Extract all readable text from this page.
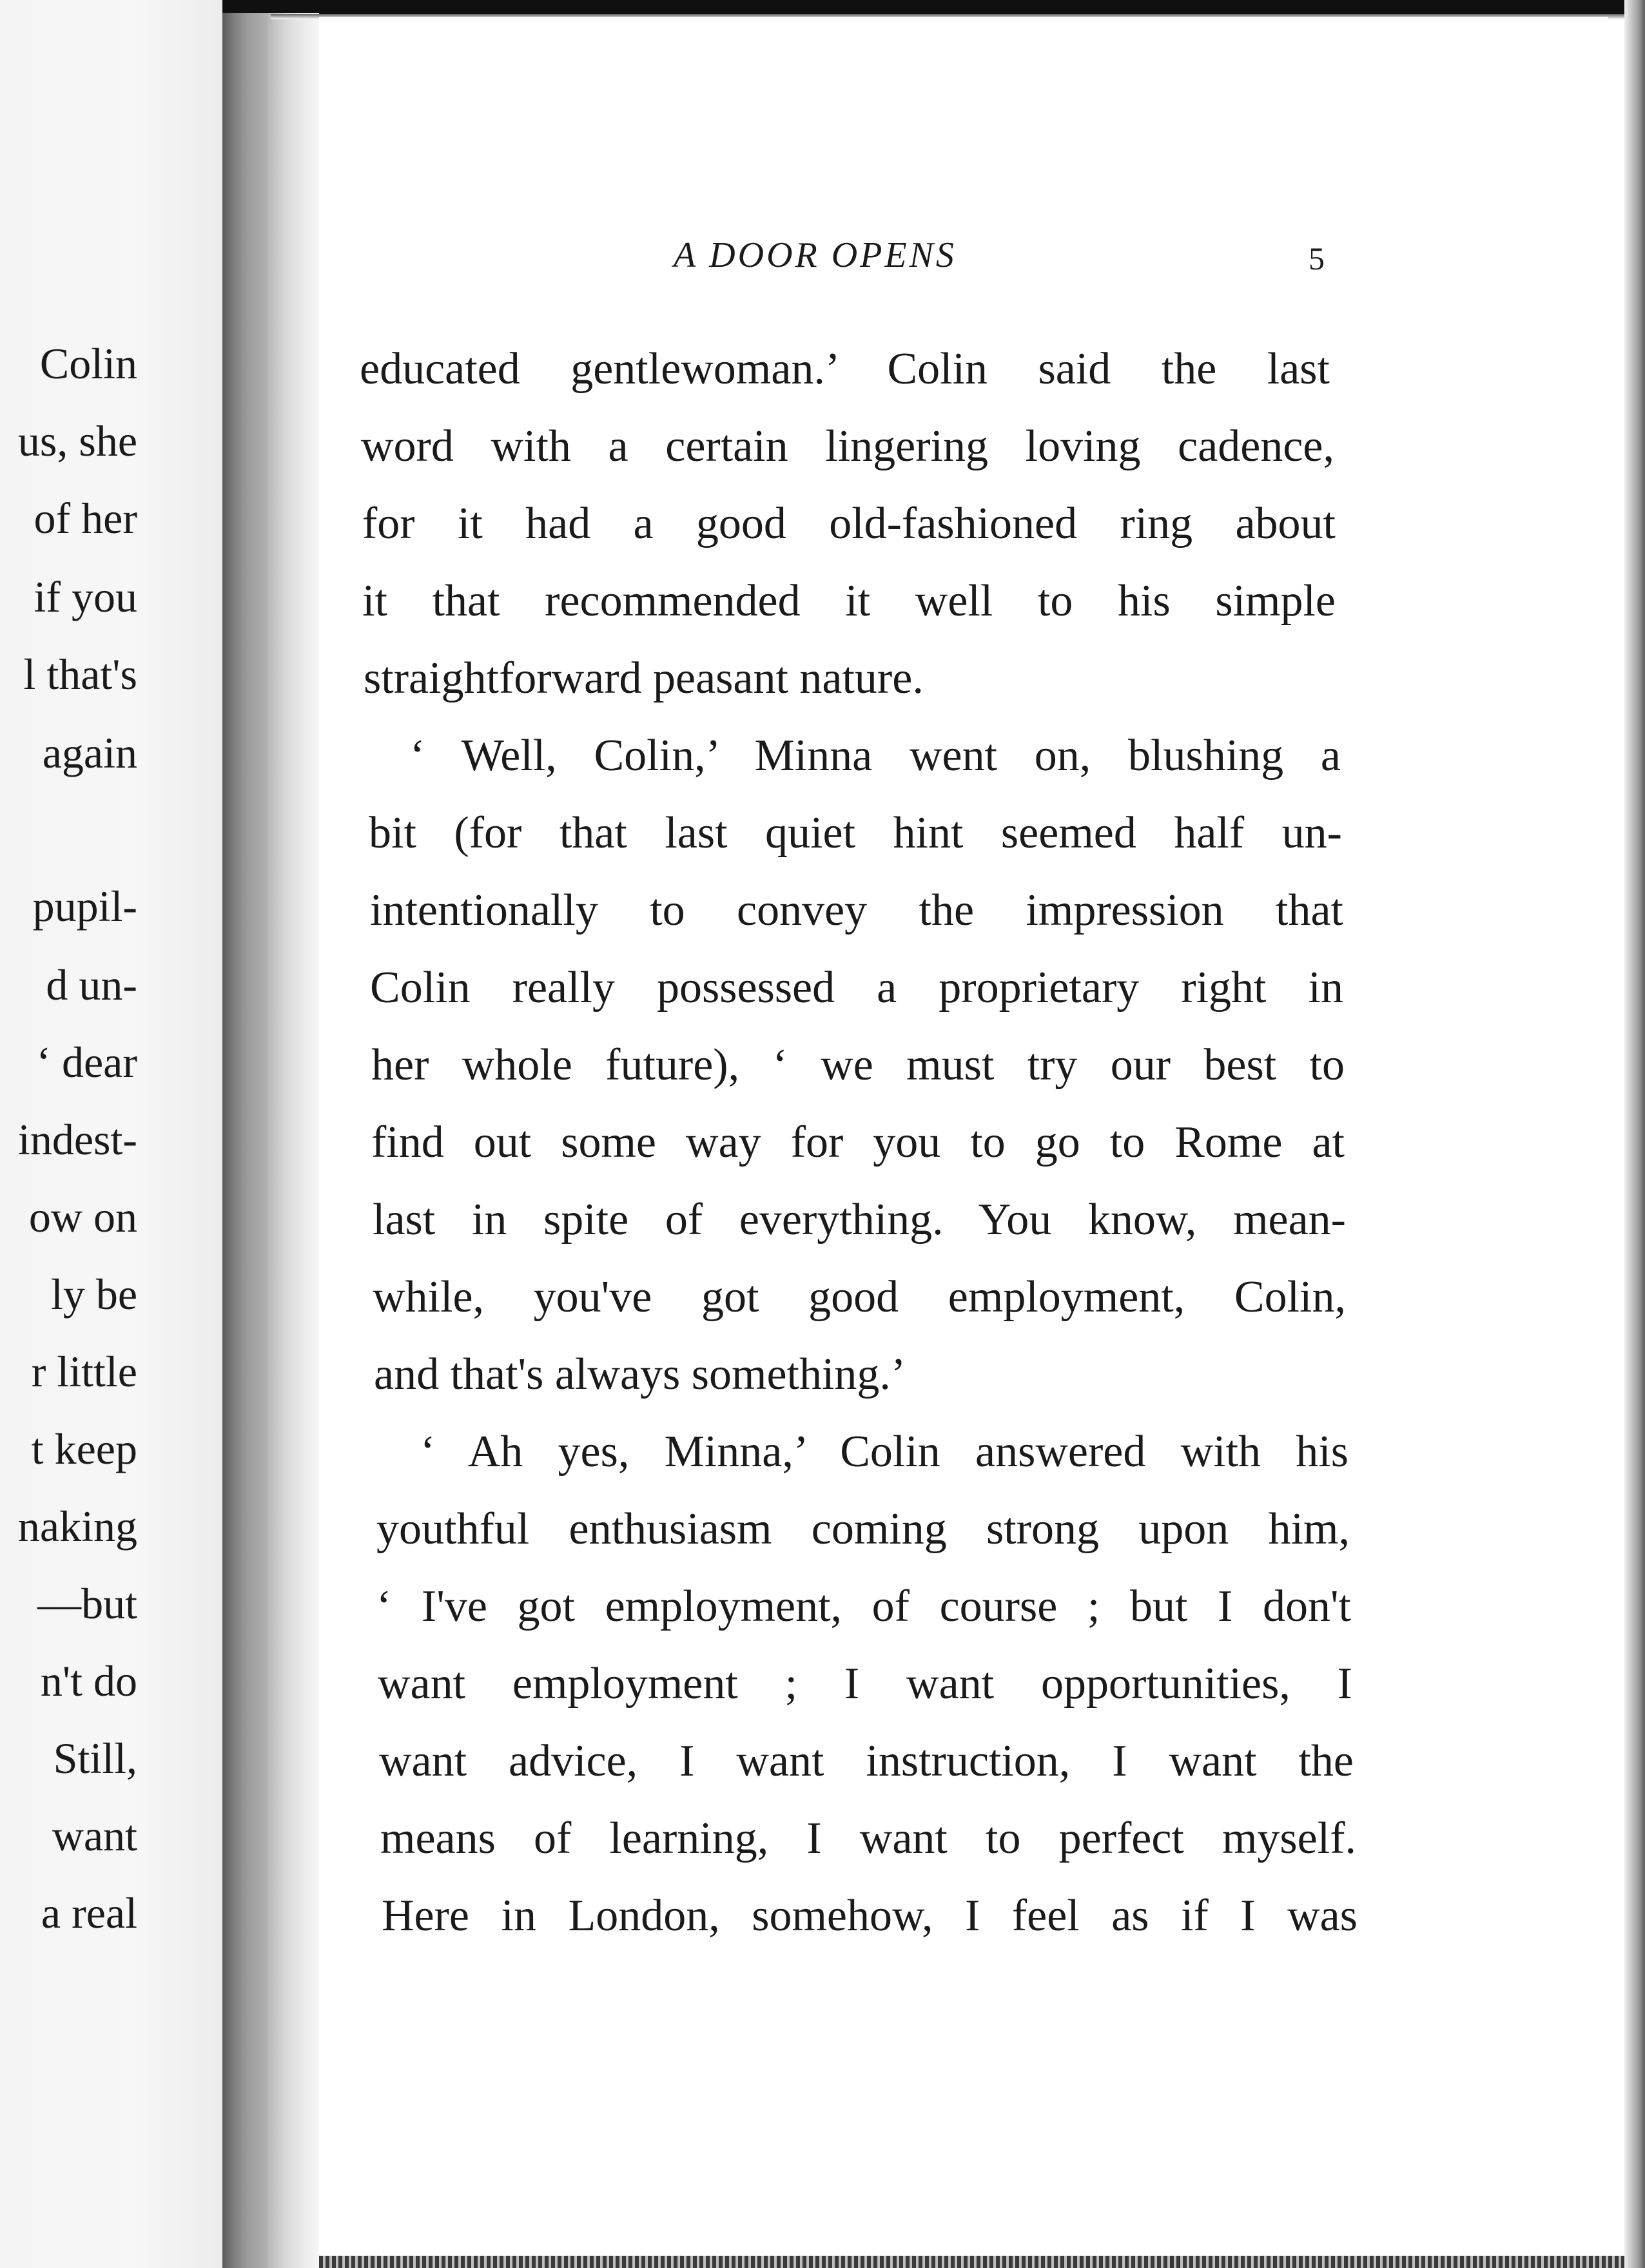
Colin
us, she
of her
if you
l that's
again
pupil-
d un-
‘ dear
indest-
ow on
ly be
r little
t keep
naking
—but
n't do
Still,
want
a real
A DOOR OPENS	5
educated gentlewoman.’ Colin said the last
word with a certain lingering loving cadence,
for it had a good old-fashioned ring about
it that recommended it well to his simple
straightforward peasant nature.
‘ Well, Colin,’ Minna went on, blushing a
bit (for that last quiet hint seemed half un-
intentionally to convey the impression that
Colin really possessed a proprietary right in
her whole future), ‘ we must try our best to
find out some way for you to go to Rome at
last in spite of everything. You know, mean-
while, you've got good employment, Colin,
and that's always something.’
‘ Ah yes, Minna,’ Colin answered with his
youthful enthusiasm coming strong upon him,
‘ I've got employment, of course ; but I don't
want employment ; I want opportunities, I
want advice, I want instruction, I want the
means of learning, I want to perfect myself.
Here in London, somehow, I feel as if I was
